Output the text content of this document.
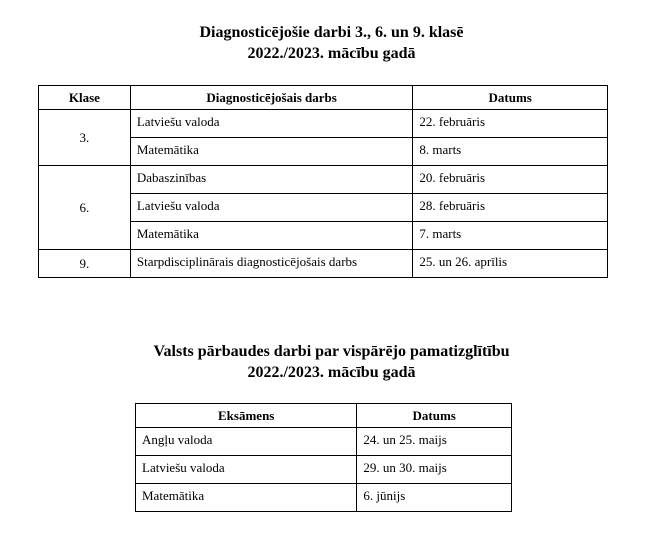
Diagnosticējošie darbi 3., 6. un 9. klasē
2022./2023. mācību gadā
Klase	Diagnosticējošais darbs	Datums
3.	Latviešu valoda	22. februāris
	Matemātika	8. marts
6.	Dabaszinības	20. februāris
	Latviešu valoda	28. februāris
	Matemātika	7. marts
9.	Starpdisciplinārais diagnosticējošais darbs	25. un 26. aprīlis
Valsts pārbaudes darbi par vispārējo pamatizglītību
2022./2023. mācību gadā
Eksāmens	Datums
Angļu valoda	24. un 25. maijs
Latviešu valoda	29. un 30. maijs
Matemātika	6. jūnijs
